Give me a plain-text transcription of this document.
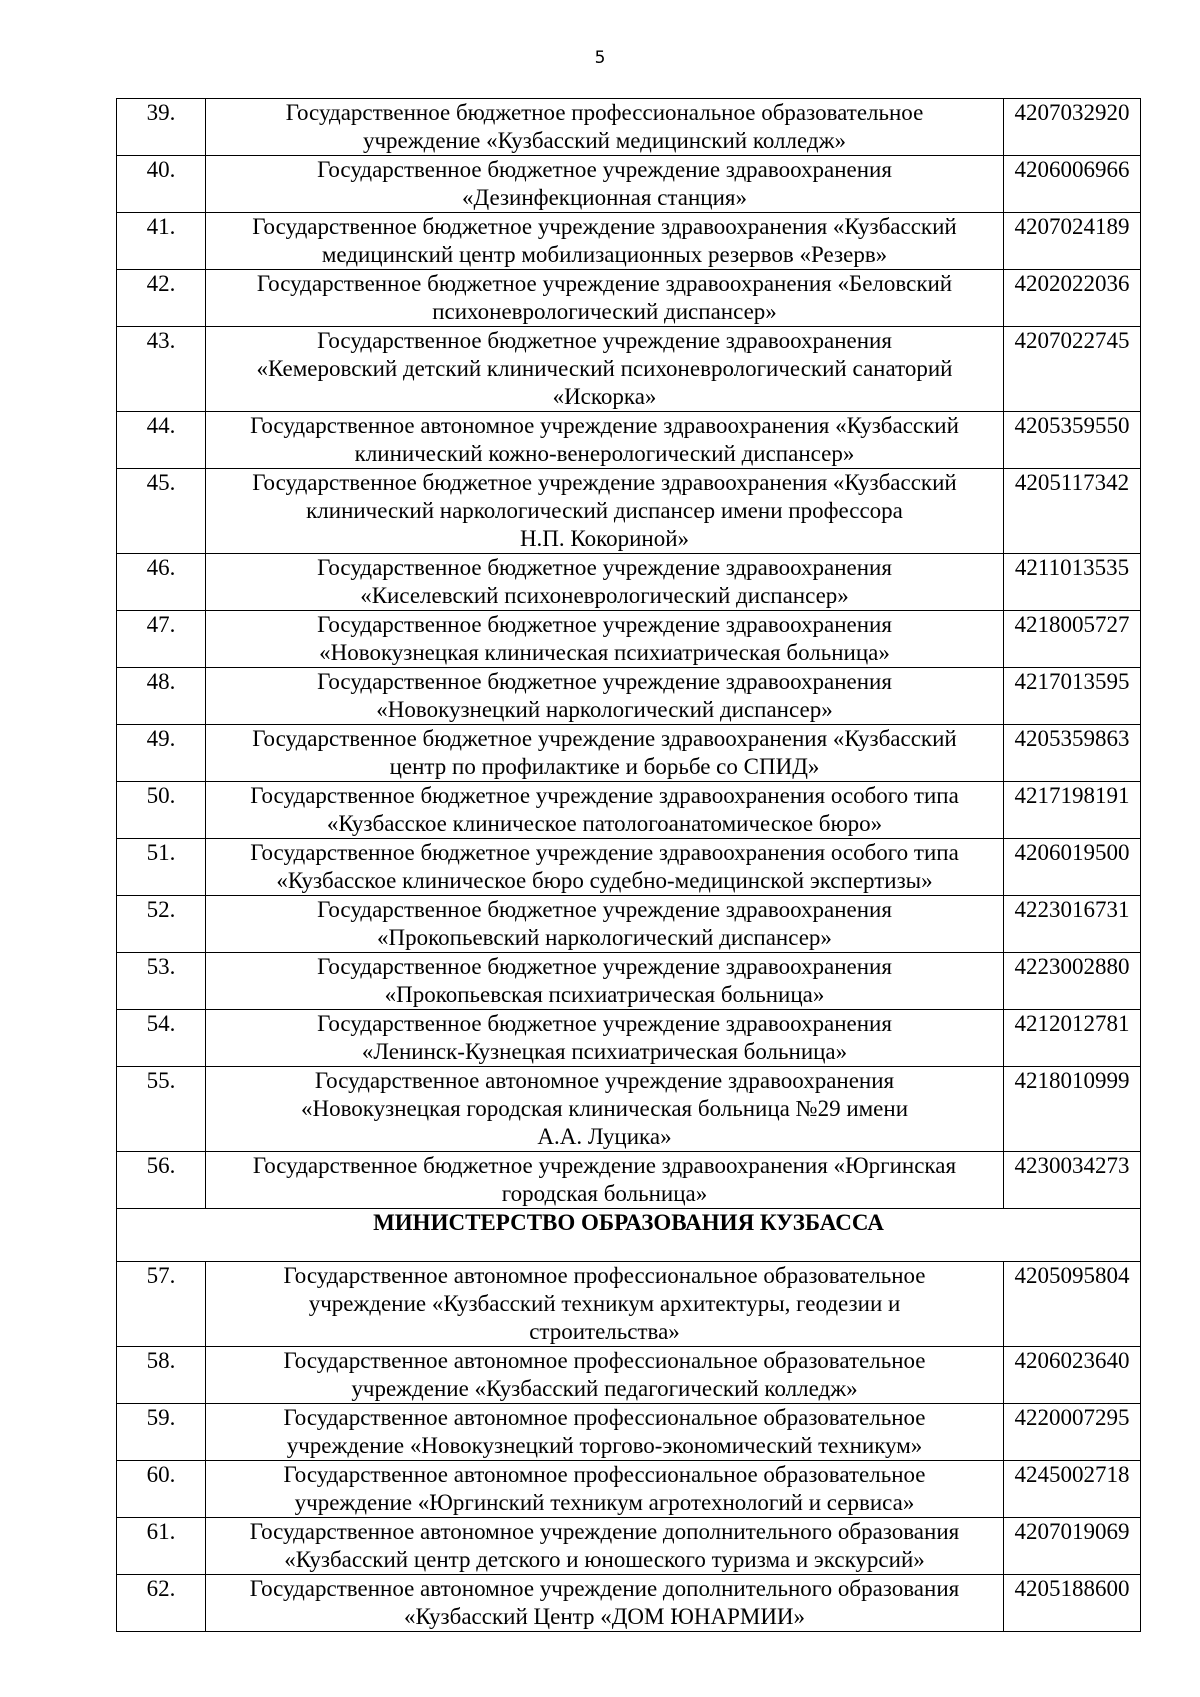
5
39.	Государственное бюджетное профессиональное образовательное
учреждение «Кузбасский медицинский колледж»	4207032920
40.	Государственное бюджетное учреждение здравоохранения
«Дезинфекционная станция»	4206006966
41.	Государственное бюджетное учреждение здравоохранения «Кузбасский
медицинский центр мобилизационных резервов «Резерв»	4207024189
42.	Государственное бюджетное учреждение здравоохранения «Беловский
психоневрологический диспансер»	4202022036
43.	Государственное бюджетное учреждение здравоохранения
«Кемеровский детский клинический психоневрологический санаторий
«Искорка»	4207022745
44.	Государственное автономное учреждение здравоохранения «Кузбасский
клинический кожно-венерологический диспансер»	4205359550
45.	Государственное бюджетное учреждение здравоохранения «Кузбасский
клинический наркологический диспансер имени профессора
Н.П. Кокориной»	4205117342
46.	Государственное бюджетное учреждение здравоохранения
«Киселевский психоневрологический диспансер»	4211013535
47.	Государственное бюджетное учреждение здравоохранения
«Новокузнецкая клиническая психиатрическая больница»	4218005727
48.	Государственное бюджетное учреждение здравоохранения
«Новокузнецкий наркологический диспансер»	4217013595
49.	Государственное бюджетное учреждение здравоохранения «Кузбасский
центр по профилактике и борьбе со СПИД»	4205359863
50.	Государственное бюджетное учреждение здравоохранения особого типа
«Кузбасское клиническое патологоанатомическое бюро»	4217198191
51.	Государственное бюджетное учреждение здравоохранения особого типа
«Кузбасское клиническое бюро судебно-медицинской экспертизы»	4206019500
52.	Государственное бюджетное учреждение здравоохранения
«Прокопьевский наркологический диспансер»	4223016731
53.	Государственное бюджетное учреждение здравоохранения
«Прокопьевская психиатрическая больница»	4223002880
54.	Государственное бюджетное учреждение здравоохранения
«Ленинск-Кузнецкая психиатрическая больница»	4212012781
55.	Государственное автономное учреждение здравоохранения
«Новокузнецкая городская клиническая больница №29 имени
А.А. Луцика»	4218010999
56.	Государственное бюджетное учреждение здравоохранения «Юргинская
городская больница»	4230034273
МИНИСТЕРСТВО ОБРАЗОВАНИЯ КУЗБАССА		
57.	Государственное автономное профессиональное образовательное
учреждение «Кузбасский техникум архитектуры, геодезии и
строительства»	4205095804
58.	Государственное автономное профессиональное образовательное
учреждение «Кузбасский педагогический колледж»	4206023640
59.	Государственное автономное профессиональное образовательное
учреждение «Новокузнецкий торгово-экономический техникум»	4220007295
60.	Государственное автономное профессиональное образовательное
учреждение «Юргинский техникум агротехнологий и сервиса»	4245002718
61.	Государственное автономное учреждение дополнительного образования
«Кузбасский центр детского и юношеского туризма и экскурсий»	4207019069
62.	Государственное автономное учреждение дополнительного образования
«Кузбасский Центр «ДОМ ЮНАРМИИ»	4205188600
